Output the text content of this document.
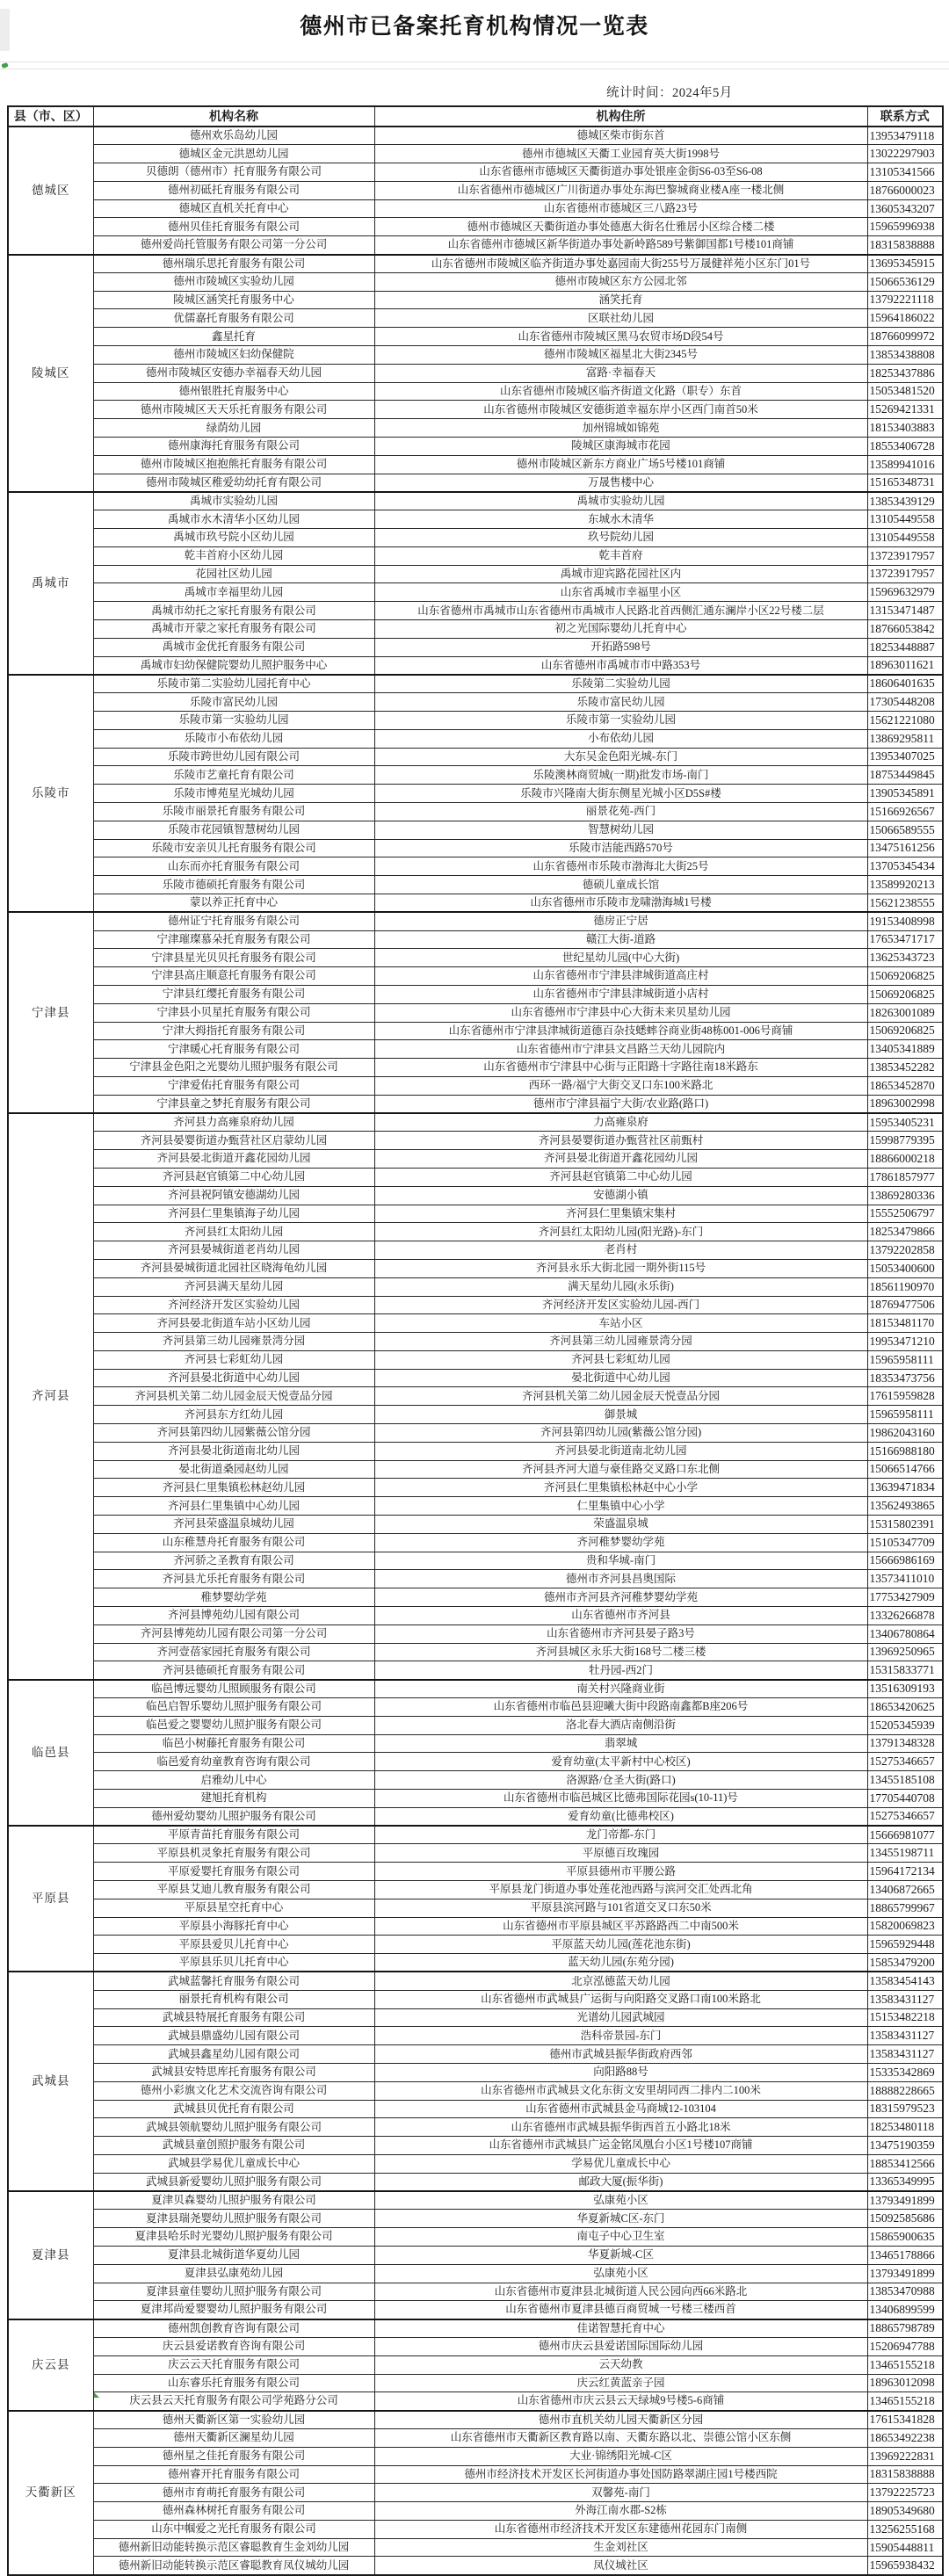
德州市已备案托育机构情况一览表
统计时间：2024年5月
县（市、区）	机构名称	机构住所	联系方式
德城区	德州欢乐岛幼儿园	德城区柴市街东首	13953479118
	德城区金元洪恩幼儿园	德州市德城区天衢工业园育英大街1998号	13022297903
	贝德朗（德州市）托育服务有限公司	山东省德州市德城区天衢街道办事处银座金街S6-03至S6-08	13105341566
	德州初砥托育服务有限公司	山东省德州市德城区广川街道办事处东海巴黎城商业楼A座一楼北侧	18766000023
	德城区直机关托育中心	山东省德州市德城区三八路23号	13605343207
	德州贝佳托育服务有限公司	德州市德城区天衢街道办事处德惠大街名仕雅居小区综合楼二楼	15965996938
	德州爱尚托管服务有限公司第一分公司	山东省德州市德城区新华街道办事处新岭路589号紫御国都1号楼101商铺	18315838888
陵城区	德州瑞乐思托育服务有限公司	山东省德州市陵城区临齐街道办事处嘉园南大街255号万晟健祥苑小区东门01号	13695345915
	德州市陵城区实验幼儿园	德州市陵城区东方公园北邻	15066536129
	陵城区涵笑托育服务中心	涵笑托育	13792221118
	优儒嘉托育服务有限公司	区联社幼儿园	15964186022
	鑫星托育	山东省德州市陵城区黑马农贸市场D段54号	18766099972
	德州市陵城区妇幼保健院	德州市陵城区福星北大街2345号	13853438808
	德州市陵城区安德办幸福春天幼儿园	富路·幸福春天	18253437886
	德州银胜托育服务中心	山东省德州市陵城区临齐街道文化路（职专）东首	15053481520
	德州市陵城区天天乐托育服务有限公司	山东省德州市陵城区安德街道幸福东岸小区西门南首50米	15269421331
	绿荫幼儿园	加州锦城如锦苑	18153403883
	德州康海托育服务有限公司	陵城区康海城市花园	18553406728
	德州市陵城区抱抱熊托育服务有限公司	德州市陵城区新东方商业广场5号楼101商铺	13589941016
	德州市陵城区稚爱幼幼托育有限公司	万晟售楼中心	15165348731
禹城市	禹城市实验幼儿园	禹城市实验幼儿园	13853439129
	禹城市水木清华小区幼儿园	东城水木清华	13105449558
	禹城市玖号院小区幼儿园	玖号院幼儿园	13105449558
	乾丰首府小区幼儿园	乾丰首府	13723917957
	花园社区幼儿园	禹城市迎宾路花园社区内	13723917957
	禹城市幸福里幼儿园	山东省禹城市幸福里小区	15969632979
	禹城市幼托之家托育服务有限公司	山东省德州市禹城市山东省德州市禹城市人民路北首西侧汇通东澜岸小区22号楼二层	13153471487
	禹城市开蒙之家托育服务有限公司	初之光国际婴幼儿托育中心	18766053842
	禹城市金优托育服务有限公司	开拓路598号	18253448887
	禹城市妇幼保健院婴幼儿照护服务中心	山东省德州市禹城市市中路353号	18963011621
乐陵市	乐陵市第二实验幼儿园托育中心	乐陵第二实验幼儿园	18606401635
	乐陵市富民幼儿园	乐陵市富民幼儿园	17305448208
	乐陵市第一实验幼儿园	乐陵市第一实验幼儿园	15621221080
	乐陵市小布依幼儿园	小布依幼儿园	13869295811
	乐陵市跨世幼儿园有限公司	大东吴金色阳光城-东门	13953407025
	乐陵市艺童托育有限公司	乐陵澳林商贸城(一期)批发市场-南门	18753449845
	乐陵市博苑星光城幼儿园	乐陵市兴隆南大街东侧星光城小区D5S#楼	13905345891
	乐陵市丽景托育服务有限公司	丽景花苑-西门	15166926567
	乐陵市花园镇智慧树幼儿园	智慧树幼儿园	15066589555
	乐陵市安亲贝儿托育服务有限公司	乐陵市洁能西路570号	13475161256
	山东而亦托育服务有限公司	山东省德州市乐陵市渤海北大街25号	13705345434
	乐陵市德硕托育服务有限公司	德硕儿童成长馆	13589920213
	蒙以养正托育中心	山东省德州市乐陵市龙啸渤海城1号楼	15621238555
宁津县	德州证宁托育服务有限公司	德房正宁居	19153408998
	宁津璀璨慕朵托育服务有限公司	赣江大街-道路	17653471717
	宁津县星光贝贝托育服务有限公司	世纪星幼儿园(中心大街)	13625343723
	宁津县高庄顺意托育服务有限公司	山东省德州市宁津县津城街道高庄村	15069206825
	宁津县红缨托育服务有限公司	山东省德州市宁津县津城街道小店村	15069206825
	宁津县小贝星托育服务有限公司	山东省德州市宁津县中心大街未来贝星幼儿园	18263001089
	宁津大拇指托育服务有限公司	山东省德州市宁津县津城街道德百杂技蟋蟀谷商业街48栋001-006号商铺	15069206825
	宁津暖心托育服务有限公司	山东省德州市宁津县文昌路兰天幼儿园院内	13405341889
	宁津县金色阳之光婴幼儿照护服务有限公司	山东省德州市宁津县中心街与正阳路十字路往南18米路东	13853452282
	宁津爱佑托育服务有限公司	西环一路/福宁大街交叉口东100米路北	18653452870
	宁津县童之梦托育服务有限公司	德州市宁津县福宁大街/农业路(路口)	18963002998
齐河县	齐河县力高雍泉府幼儿园	力高雍泉府	15953405231
	齐河县晏婴街道办甄营社区启蒙幼儿园	齐河县晏婴街道办甄营社区前甄村	15998779395
	齐河县晏北街道开鑫花园幼儿园	齐河县晏北街道开鑫花园幼儿园	18866000218
	齐河县赵官镇第二中心幼儿园	齐河县赵官镇第二中心幼儿园	17861857977
	齐河县祝阿镇安德湖幼儿园	安德湖小镇	13869280336
	齐河县仁里集镇海子幼儿园	齐河县仁里集镇宋集村	15552506797
	齐河县红太阳幼儿园	齐河县红太阳幼儿园(阳光路)-东门	18253479866
	齐河县晏城街道老肖幼儿园	老肖村	13792202858
	齐河县晏城街道北园社区晓海龟幼儿园	齐河县永乐大街北园一期外街115号	15053400600
	齐河县满天星幼儿园	满天星幼儿园(永乐街)	18561190970
	齐河经济开发区实验幼儿园	齐河经济开发区实验幼儿园-西门	18769477506
	齐河县晏北街道车站小区幼儿园	车站小区	18153481170
	齐河县第三幼儿园雍景湾分园	齐河县第三幼儿园雍景湾分园	19953471210
	齐河县七彩虹幼儿园	齐河县七彩虹幼儿园	15965958111
	齐河县晏北街道中心幼儿园	晏北街道中心幼儿园	18353473756
	齐河县机关第二幼儿园金辰天悦壹品分园	齐河县机关第二幼儿园金辰天悦壹品分园	17615959828
	齐河县东方红幼儿园	御景城	15965958111
	齐河县第四幼儿园紫薇公馆分园	齐河县第四幼儿园(紫薇公馆分园)	19862043160
	齐河县晏北街道南北幼儿园	齐河县晏北街道南北幼儿园	15166988180
	晏北街道桑园赵幼儿园	齐河县齐河大道与豪佳路交叉路口东北侧	15066514766
	齐河县仁里集镇松林赵幼儿园	齐河县仁里集镇松林赵中心小学	13639471834
	齐河县仁里集镇中心幼儿园	仁里集镇中心小学	13562493865
	齐河县荣盛温泉城幼儿园	荣盛温泉城	15315802391
	山东稚慧舟托育服务有限公司	齐河稚梦婴幼学苑	15105347709
	齐河骄之圣教育有限公司	贵和华城-南门	15666986169
	齐河县尤乐托育服务有限公司	德州市齐河县昌奥国际	13573411010
	稚梦婴幼学苑	德州市齐河县齐河稚梦婴幼学苑	17753427909
	齐河县博苑幼儿园有限公司	山东省德州市齐河县	13326266878
	齐河县博苑幼儿园有限公司第一分公司	山东省德州市齐河县晏子路3号	13406780864
	齐河壹蓓家园托育服务有限公司	齐河县城区永乐大街168号二楼三楼	13969250965
	齐河县德硕托育服务有限公司	牡丹园-西2门	15315833771
临邑县	临邑博远婴幼儿照顾服务有限公司	南关村兴隆商业街	13516309193
	临邑启智乐婴幼儿照护服务有限公司	山东省德州市临邑县迎曦大街中段路南鑫都B座206号	18653420625
	临邑爱之婴婴幼儿照护服务有限公司	洛北春大酒店南侧沿街	15205345939
	临邑小树藤托育服务有限公司	翡翠城	13791348328
	临邑爱育幼童教育咨询有限公司	爱育幼童(太平新村中心校区)	15275346657
	启雅幼儿中心	洛源路/仓圣大街(路口)	13455185108
	建旭托育机构	山东省德州市临邑城区比德弗国际花园s(10-11)号	17705440708
	德州爱幼婴幼儿照护服务有限公司	爱育幼童(比德弗校区)	15275346657
平原县	平原青苗托育服务有限公司	龙门帝都-东门	15666981077
	平原县机灵象托育服务有限公司	平原德百玫瑰园	13455198711
	平原爱婴托育服务有限公司	平原县德州市平腰公路	15964172134
	平原县艾迪儿教育服务有限公司	平原县龙门街道办事处莲花池西路与滨河交汇处西北角	13406872665
	平原县星空托育中心	平原县滨河路与101省道交叉口东50米	18865799967
	平原县小海豚托育中心	山东省德州市平原县城区平苏路路西二中南500米	15820069823
	平原县爱贝儿托育中心	平原蓝天幼儿园(莲花池东街)	15965929448
	平原县乐贝儿托育中心	蓝天幼儿园(东苑分园)	15853479200
武城县	武城蓝馨托育服务有限公司	北京泓德蓝天幼儿园	13583454143
	丽景托育机构有限公司	山东省德州市武城县广运街与向阳路交叉路口南100米路北	13583431127
	武城县特展托育服务有限公司	光谱幼儿园武城园	15153482218
	武城县鼎盛幼儿园有限公司	浩科帝景园-东门	13583431127
	武城县鑫星幼儿园有限公司	德州市武城县振华街政府西邻	13583431127
	武城县安特思库托育服务有限公司	向阳路88号	15335342869
	德州小彩旗文化艺术交流咨询有限公司	山东省德州市武城县文化东街文安里胡同西二排内二100米	18888228665
	武城县贝优托育有限公司	山东省德州市武城县金马商城12-103104	18315979523
	武城县领航婴幼儿照护服务有限公司	山东省德州市武城县振华街西首五小路北18米	18253480118
	武城县童创照护服务有限公司	山东省德州市武城县广运金铭凤凰台小区1号楼107商铺	13475190359
	武城县学易优儿童成长中心	学易优儿童成长中心	18853412566
	武城县新爱婴幼儿照护服务有限公司	邮政大厦(振华街)	13365349995
夏津县	夏津贝森婴幼儿照护服务有限公司	弘康苑小区	13793491899
	夏津县瑞尧婴幼儿照护服务有限公司	华夏新城C区-东门	15092585686
	夏津县哈乐时光婴幼儿照护服务有限公司	南屯子中心卫生室	15865900635
	夏津县北城街道华夏幼儿园	华夏新城-C区	13465178866
	夏津县弘康苑幼儿园	弘康苑小区	13793491899
	夏津县童佳婴幼儿照护服务有限公司	山东省德州市夏津县北城街道人民公园向西66米路北	13853470988
	夏津邦尚爱婴婴幼儿照护服务有限公司	山东省德州市夏津县德百商贸城一号楼三楼西首	13406899599
庆云县	德州凯创教育咨询有限公司	佳诺智慧托育中心	18865798789
	庆云县爱诺教育咨询有限公司	德州市庆云县爱诺国际国际幼儿园	15206947788
	庆云云天托育服务有限公司	云天幼教	13465155218
	山东睿乐托育服务有限公司	庆云红黄蓝亲子园	18963012098
	庆云县云天托育服务有限公司学苑路分公司	山东省德州市庆云县云天绿城9号楼5-6商铺	13465155218
天衢新区	德州天衢新区第一实验幼儿园	德州市直机关幼儿园天衢新区分园	17615341828
	德州天衢新区澜星幼儿园	山东省德州市天衢新区教育路以南、天衢东路以北、崇德公馆小区东侧	18653492238
	德州星之佳托育服务有限公司	大业·锦绣阳光城-C区	13969222831
	德州睿开托育服务有限公司	德州市经济技术开发区长河街道办事处国防路翠湖庄园1号楼西院	18315838888
	德州市育萌托育服务有限公司	双馨苑-南门	13792225723
	德州森林树托育服务有限公司	外海江南水郡-S2栋	18905349680
	山东中帼爱之光托育服务有限公司	山东省德州市经济技术开发区东建德州花园东门南侧	13256255168
	德州新旧动能转换示范区睿聪教育生金刘幼儿园	生金刘社区	15905448811
	德州新旧动能转换示范区睿聪教育凤仪城幼儿园	凤仪城社区	15965938432
